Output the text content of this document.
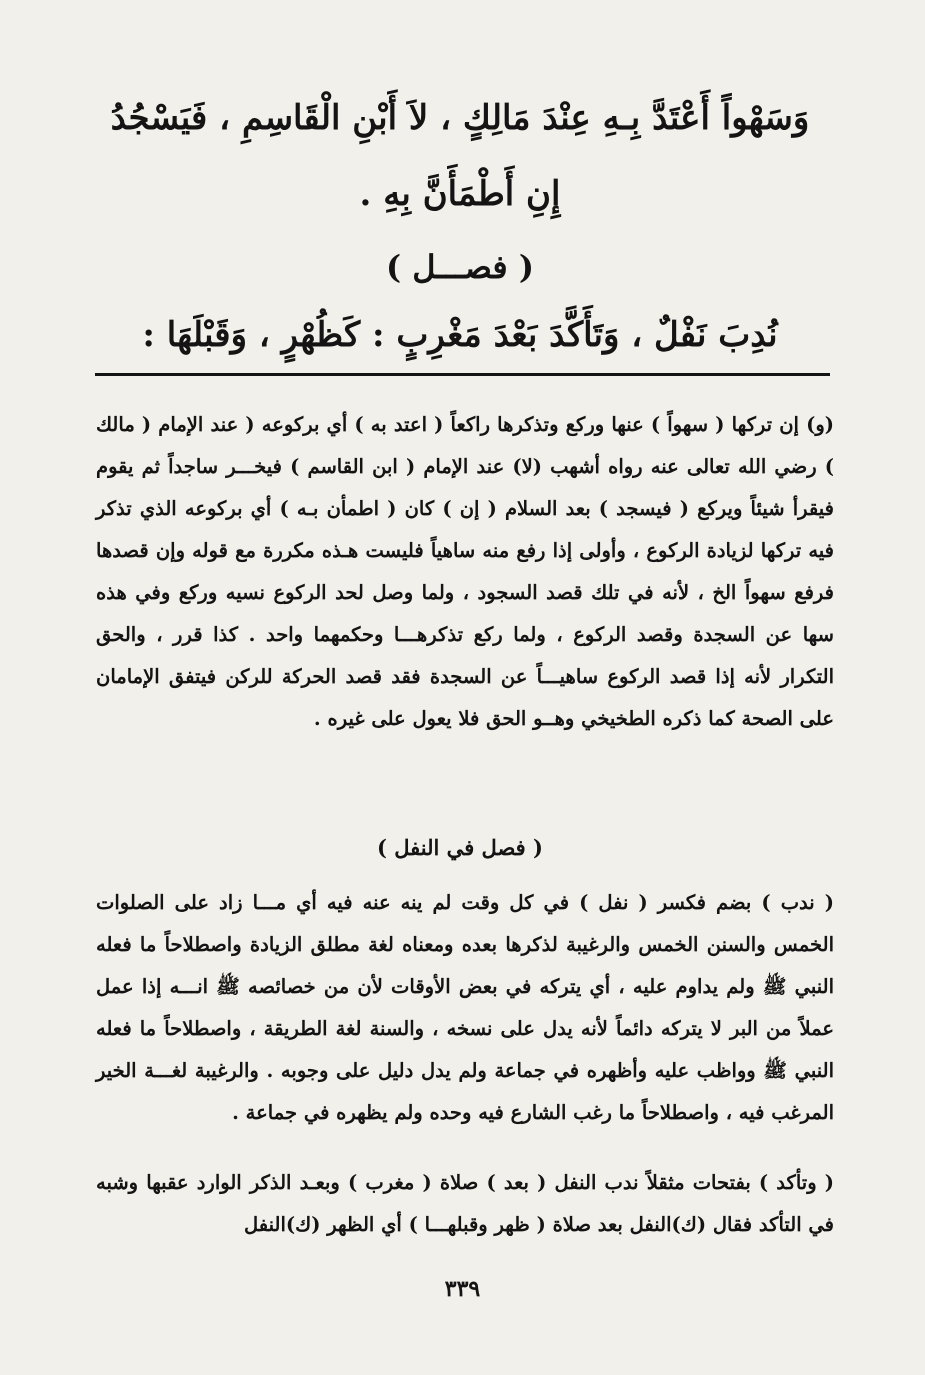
وَسَهْواً أَعْتَدَّ بِـهِ عِنْدَ مَالِكٍ ، لاَ أَبْنِ الْقَاسِمِ ، فَيَسْجُدُ
إِنِ أَطْمَأَنَّ بِهِ .
( فصـــل )
نُدِبَ نَفْلٌ ، وَتَأَكَّدَ بَعْدَ مَغْرِبٍ : كَظُهْرٍ ، وَقَبْلَهَا :
(و) إن تركها ( سهواً ) عنها وركع وتذكرها راكعاً ( اعتد به ) أي بركوعه ( عند الإمام ( مالك ) رضي الله تعالى عنه رواه أشهب (لا) عند الإمام ( ابن القاسم ) فيخـــر ساجداً ثم يقوم فيقرأ شيئاً ويركع ( فيسجد ) بعد السلام ( إن ) كان ( اطمأن بـه ) أي بركوعه الذي تذكر فيه تركها لزيادة الركوع ، وأولى إذا رفع منه ساهياً فليست هـذه مكررة مع قوله وإن قصدها فرفع سهواً الخ ، لأنه في تلك قصد السجود ، ولما وصل لحد الركوع نسيه وركع وفي هذه سها عن السجدة وقصد الركوع ، ولما ركع تذكرهـــا وحكمهما واحد . كذا قرر ، والحق التكرار لأنه إذا قصد الركوع ساهيـــاً عن السجدة فقد قصد الحركة للركن فيتفق الإمامان على الصحة كما ذكره الطخيخي وهــو الحق فلا يعول على غيره .
( فصل في النفل )
( ندب ) بضم فكسر ( نفل ) في كل وقت لم ينه عنه فيه أي مـــا زاد على الصلوات الخمس والسنن الخمس والرغيبة لذكرها بعده ومعناه لغة مطلق الزيادة واصطلاحاً ما فعله النبي ﷺ ولم يداوم عليه ، أي يتركه في بعض الأوقات لأن من خصائصه ﷺ انـــه إذا عمل عملاً من البر لا يتركه دائماً لأنه يدل على نسخه ، والسنة لغة الطريقة ، واصطلاحاً ما فعله النبي ﷺ وواظب عليه وأظهره في جماعة ولم يدل دليل على وجوبه . والرغيبة لغـــة الخير المرغب فيه ، واصطلاحاً ما رغب الشارع فيه وحده ولم يظهره في جماعة .
( وتأكد ) بفتحات مثقلاً ندب النفل ( بعد ) صلاة ( مغرب ) وبعـد الذكر الوارد عقبها وشبه في التأكد فقال (ك)النفل بعد صلاة ( ظهر وقبلهـــا ) أي الظهر (ك)النفل
٣٣٩
